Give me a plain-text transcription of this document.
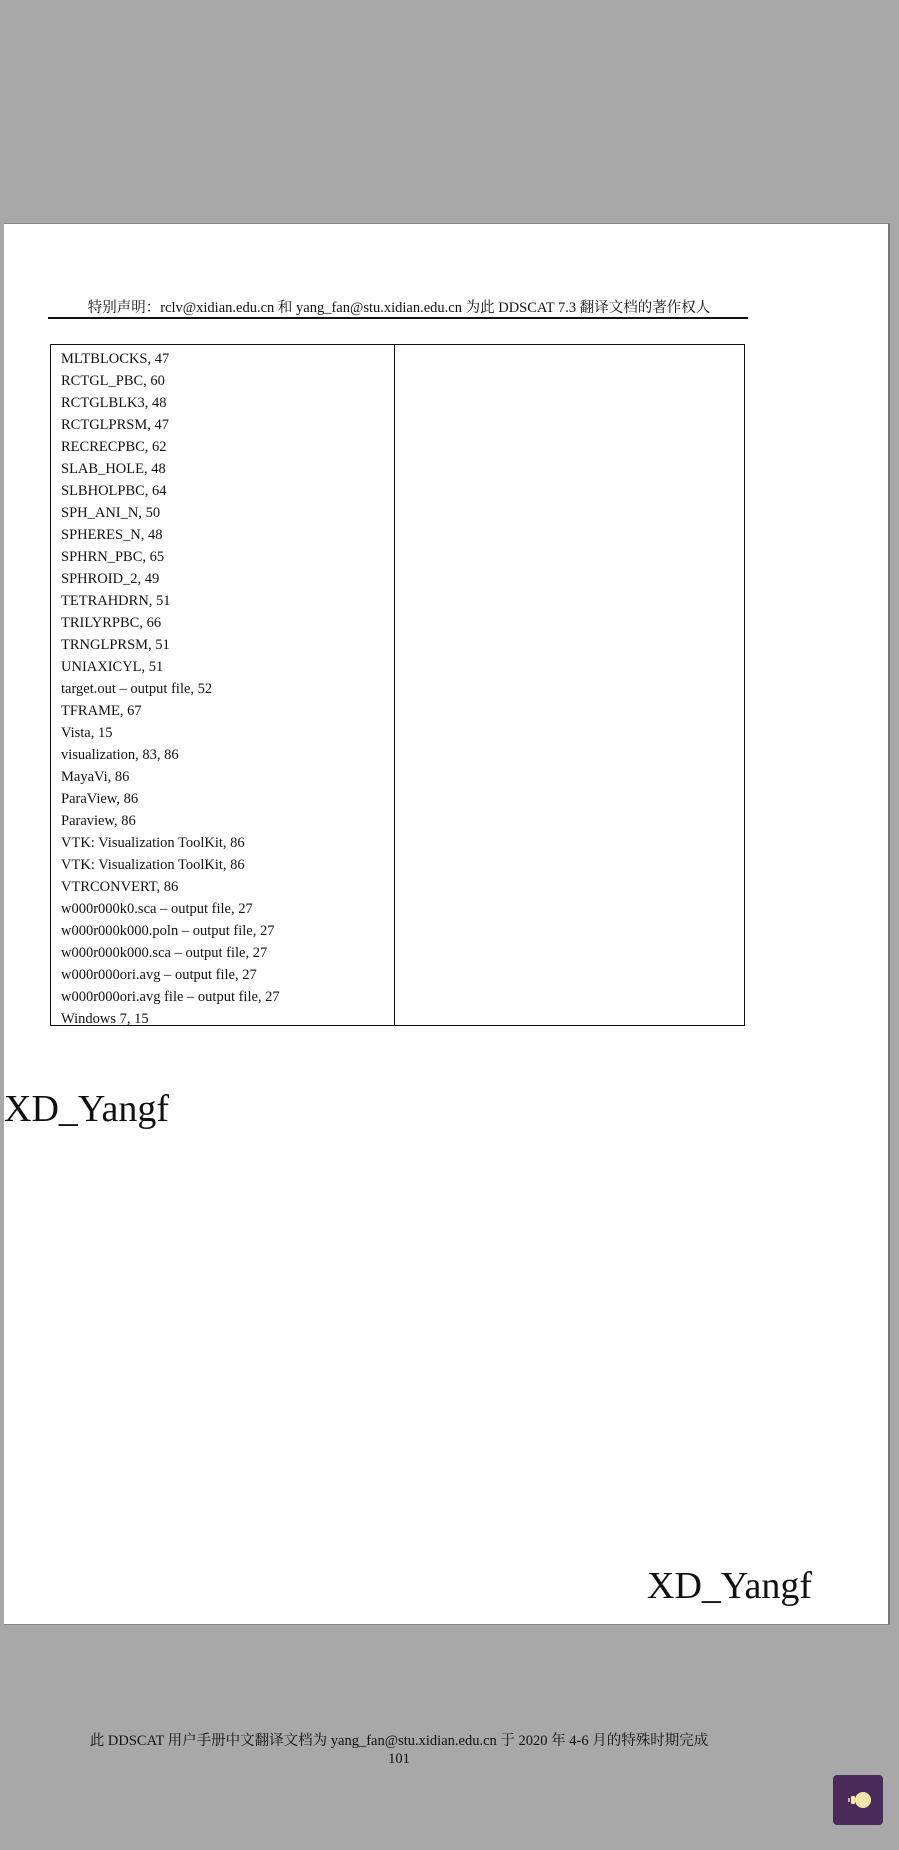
特别声明：rclv@xidian.edu.cn 和 yang_fan@stu.xidian.edu.cn 为此 DDSCAT 7.3 翻译文档的著作权人
MLTBLOCKS, 47
RCTGL_PBC, 60
RCTGLBLK3, 48
RCTGLPRSM, 47
RECRECPBC, 62
SLAB_HOLE, 48
SLBHOLPBC, 64
SPH_ANI_N, 50
SPHERES_N, 48
SPHRN_PBC, 65
SPHROID_2, 49
TETRAHDRN, 51
TRILYRPBC, 66
TRNGLPRSM, 51
UNIAXICYL, 51
target.out – output file, 52
TFRAME, 67
Vista, 15
visualization, 83, 86
MayaVi, 86
ParaView, 86
Paraview, 86
VTK: Visualization ToolKit, 86
VTK: Visualization ToolKit, 86
VTRCONVERT, 86
w000r000k0.sca – output file, 27
w000r000k000.poln – output file, 27
w000r000k000.sca – output file, 27
w000r000ori.avg – output file, 27
w000r000ori.avg file – output file, 27
Windows 7, 15
XD_Yangf
XD_Yangf
此 DDSCAT 用户手册中文翻译文档为 yang_fan@stu.xidian.edu.cn 于 2020 年 4-6 月的特殊时期完成
101
